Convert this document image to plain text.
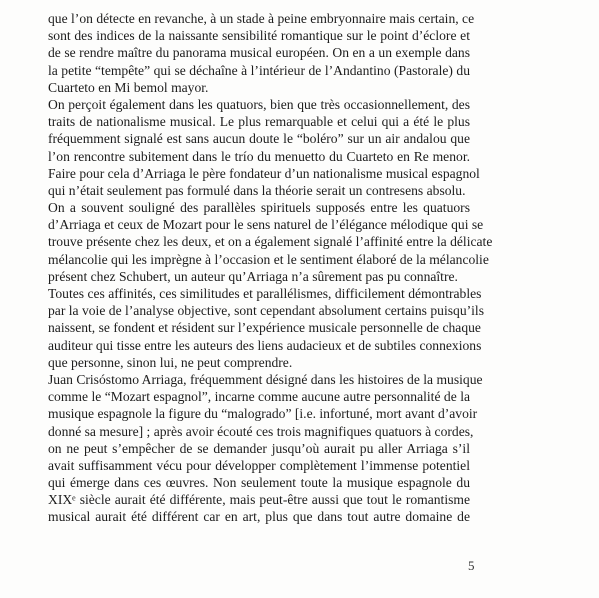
que l’on détecte en revanche, à un stade à peine embryonnaire mais certain, ce
sont des indices de la naissante sensibilité romantique sur le point d’éclore et
de se rendre maître du panorama musical européen. On en a un exemple dans
la petite “tempête” qui se déchaîne à l’intérieur de l’Andantino (Pastorale) du
Cuarteto en Mi bemol mayor.
On perçoit également dans les quatuors, bien que très occasionnellement, des
traits de nationalisme musical. Le plus remarquable et celui qui a été le plus
fréquemment signalé est sans aucun doute le “boléro” sur un air andalou que
l’on rencontre subitement dans le trío du menuetto du Cuarteto en Re menor.
Faire pour cela d’Arriaga le père fondateur d’un nationalisme musical espagnol
qui n’était seulement pas formulé dans la théorie serait un contresens absolu.
On a souvent souligné des parallèles spirituels supposés entre les quatuors
d’Arriaga et ceux de Mozart pour le sens naturel de l’élégance mélodique qui se
trouve présente chez les deux, et on a également signalé l’affinité entre la délicate
mélancolie qui les imprègne à l’occasion et le sentiment élaboré de la mélancolie
présent chez Schubert, un auteur qu’Arriaga n’a sûrement pas pu connaître.
Toutes ces affinités, ces similitudes et parallélismes, difficilement démontrables
par la voie de l’analyse objective, sont cependant absolument certains puisqu’ils
naissent, se fondent et résident sur l’expérience musicale personnelle de chaque
auditeur qui tisse entre les auteurs des liens audacieux et de subtiles connexions
que personne, sinon lui, ne peut comprendre.
Juan Crisóstomo Arriaga, fréquemment désigné dans les histoires de la musique
comme le “Mozart espagnol”, incarne comme aucune autre personnalité de la
musique espagnole la figure du “malogrado” [i.e. infortuné, mort avant d’avoir
donné sa mesure] ; après avoir écouté ces trois magnifiques quatuors à cordes,
on ne peut s’empêcher de se demander jusqu’où aurait pu aller Arriaga s’il
avait suffisamment vécu pour développer complètement l’immense potentiel
qui émerge dans ces œuvres. Non seulement toute la musique espagnole du
XIXᵉ siècle aurait été différente, mais peut-être aussi que tout le romantisme
musical aurait été différent car en art, plus que dans tout autre domaine de
5
